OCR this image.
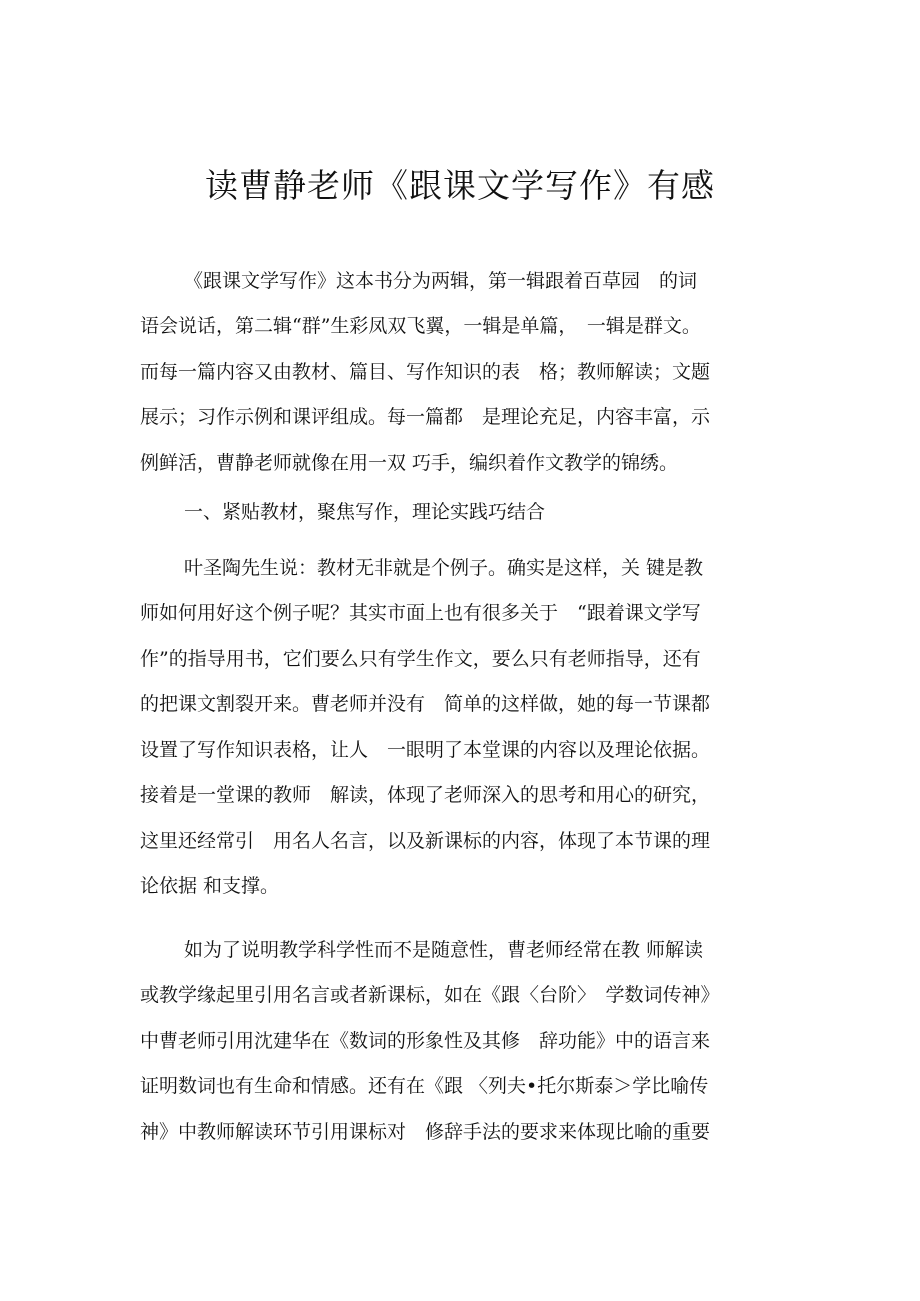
读曹静老师《跟课文学写作》有感
《跟课文学写作》这本书分为两辑，第一辑跟着百草园　的词
语会说话，第二辑“群”生彩凤双飞翼，一辑是单篇，　一辑是群文。
而每一篇内容又由教材、篇目、写作知识的表　格；教师解读；文题
展示；习作示例和课评组成。每一篇都　是理论充足，内容丰富，示
例鲜活，曹静老师就像在用一双 巧手，编织着作文教学的锦绣。
一、紧贴教材，聚焦写作，理论实践巧结合
叶圣陶先生说：教材无非就是个例子。确实是这样，关 键是教
师如何用好这个例子呢？其实市面上也有很多关于　“跟着课文学写
作”的指导用书，它们要么只有学生作文，要么只有老师指导，还有
的把课文割裂开来。曹老师并没有　简单的这样做，她的每一节课都
设置了写作知识表格，让人　一眼明了本堂课的内容以及理论依据。
接着是一堂课的教师　解读，体现了老师深入的思考和用心的研究，
这里还经常引　用名人名言，以及新课标的内容，体现了本节课的理
论依据 和支撑。
如为了说明教学科学性而不是随意性，曹老师经常在教 师解读
或教学缘起里引用名言或者新课标，如在《跟〈台阶〉　学数词传神》
中曹老师引用沈建华在《数词的形象性及其修　辞功能》中的语言来
证明数词也有生命和情感。还有在《跟 〈列夫•托尔斯泰＞学比喻传
神》中教师解读环节引用课标对　修辞手法的要求来体现比喻的重要
